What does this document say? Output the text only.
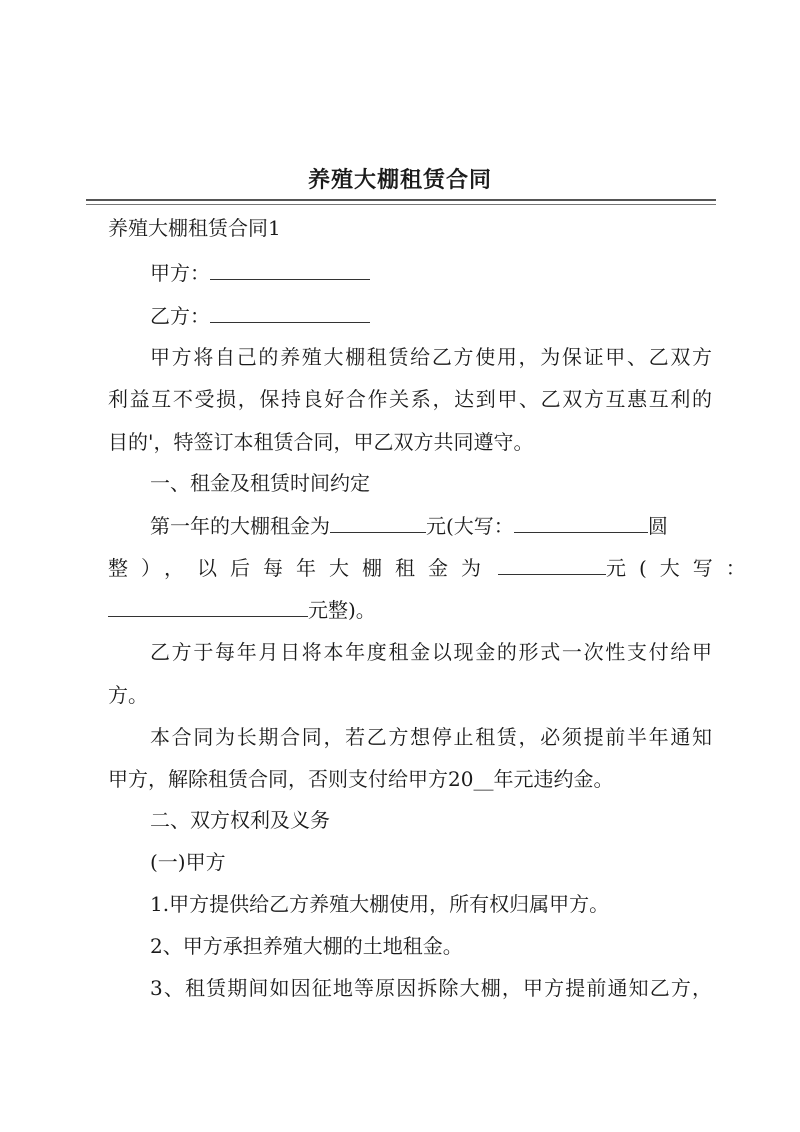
养殖大棚租赁合同
养殖大棚租赁合同1
甲方：
乙方：
甲方将自己的养殖大棚租赁给乙方使用，为保证甲、乙双方
利益互不受损，保持良好合作关系，达到甲、乙双方互惠互利的
目的'，特签订本租赁合同，甲乙双方共同遵守。
一、租金及租赁时间约定
第一年的大棚租金为	元(大写：	圆
整），以后每年大棚租金为	元(大写：
元整)。
乙方于每年月日将本年度租金以现金的形式一次性支付给甲
方。
本合同为长期合同，若乙方想停止租赁，必须提前半年通知
甲方，解除租赁合同，否则支付给甲方20__年元违约金。
二、双方权利及义务
(一)甲方
1.甲方提供给乙方养殖大棚使用，所有权归属甲方。
2、甲方承担养殖大棚的土地租金。
3、租赁期间如因征地等原因拆除大棚，甲方提前通知乙方，
